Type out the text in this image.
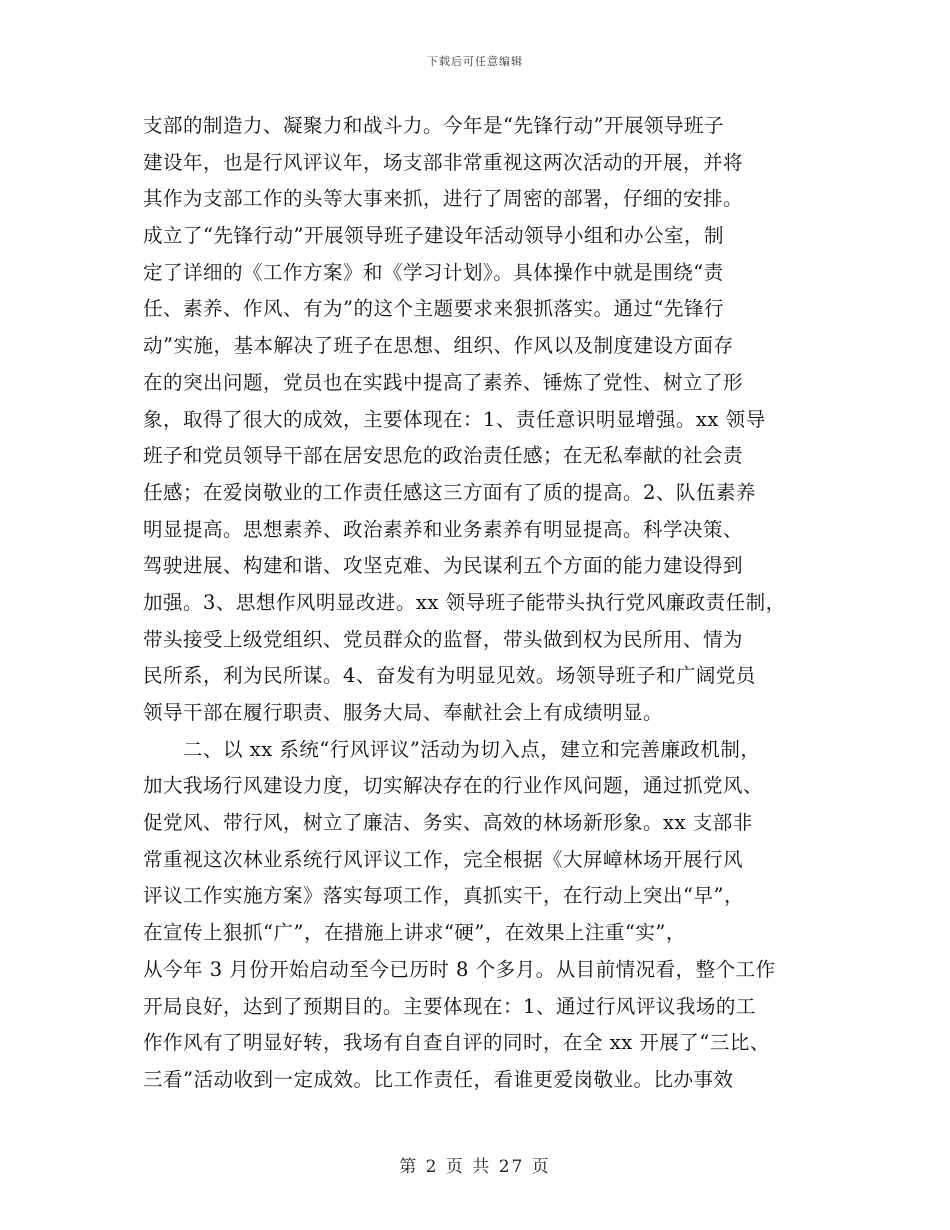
下载后可任意编辑
支部的制造力、凝聚力和战斗力。今年是“先锋行动”开展领导班子
建设年，也是行风评议年，场支部非常重视这两次活动的开展，并将
其作为支部工作的头等大事来抓，进行了周密的部署，仔细的安排。
成立了“先锋行动”开展领导班子建设年活动领导小组和办公室，制
定了详细的《工作方案》和《学习计划》。具体操作中就是围绕“责
任、素养、作风、有为”的这个主题要求来狠抓落实。通过“先锋行
动”实施，基本解决了班子在思想、组织、作风以及制度建设方面存
在的突出问题，党员也在实践中提高了素养、锤炼了党性、树立了形
象，取得了很大的成效，主要体现在：1、责任意识明显增强。xx 领导
班子和党员领导干部在居安思危的政治责任感；在无私奉献的社会责
任感；在爱岗敬业的工作责任感这三方面有了质的提高。2、队伍素养
明显提高。思想素养、政治素养和业务素养有明显提高。科学决策、
驾驶进展、构建和谐、攻坚克难、为民谋利五个方面的能力建设得到
加强。3、思想作风明显改进。xx 领导班子能带头执行党风廉政责任制，
带头接受上级党组织、党员群众的监督，带头做到权为民所用、情为
民所系，利为民所谋。4、奋发有为明显见效。场领导班子和广阔党员
领导干部在履行职责、服务大局、奉献社会上有成绩明显。
　　二、以 xx 系统“行风评议”活动为切入点，建立和完善廉政机制，
加大我场行风建设力度，切实解决存在的行业作风问题，通过抓党风、
促党风、带行风，树立了廉洁、务实、高效的林场新形象。xx 支部非
常重视这次林业系统行风评议工作，完全根据《大屏嶂林场开展行风
评议工作实施方案》落实每项工作，真抓实干，在行动上突出“早”，
在宣传上狠抓“广”，在措施上讲求“硬”，在效果上注重“实”，
从今年 3 月份开始启动至今已历时 8 个多月。从目前情况看，整个工作
开局良好，达到了预期目的。主要体现在：1、通过行风评议我场的工
作作风有了明显好转，我场有自查自评的同时，在全 xx 开展了“三比、
三看”活动收到一定成效。比工作责任，看谁更爱岗敬业。比办事效
第 2 页 共 27 页
